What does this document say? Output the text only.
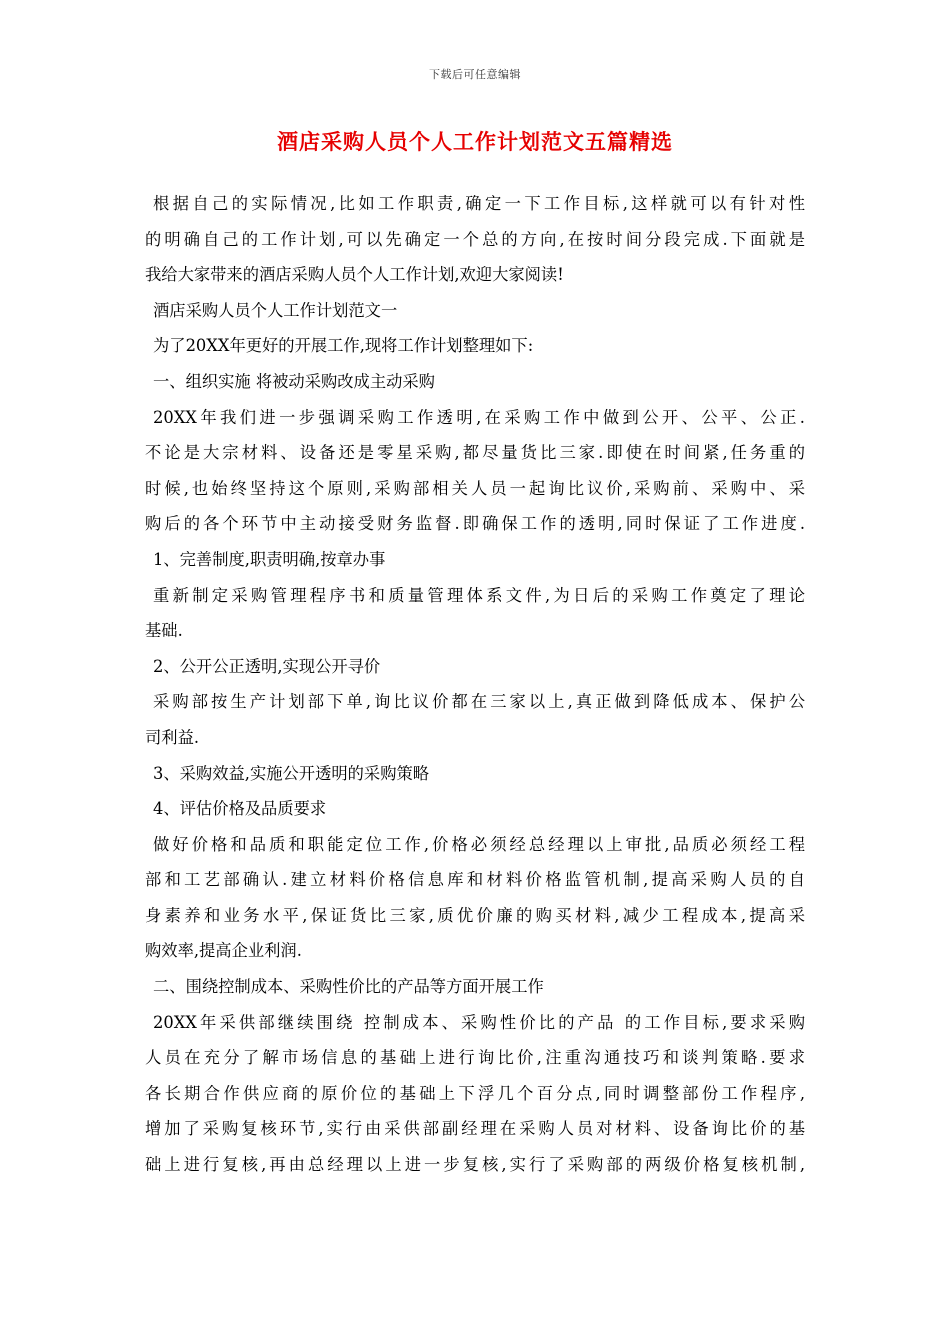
下载后可任意编辑
酒店采购人员个人工作计划范文五篇精选
根据自己的实际情况,比如工作职责,确定一下工作目标,这样就可以有针对性
的明确自己的工作计划,可以先确定一个总的方向,在按时间分段完成.下面就是
我给大家带来的酒店采购人员个人工作计划,欢迎大家阅读!
酒店采购人员个人工作计划范文一
为了20XX年更好的开展工作,现将工作计划整理如下:
一、组织实施 将被动采购改成主动采购
20XX年我们进一步强调采购工作透明,在采购工作中做到公开、公平、公正.
不论是大宗材料、设备还是零星采购,都尽量货比三家.即使在时间紧,任务重的
时候,也始终坚持这个原则,采购部相关人员一起询比议价,采购前、采购中、采
购后的各个环节中主动接受财务监督.即确保工作的透明,同时保证了工作进度.
1、完善制度,职责明确,按章办事
重新制定采购管理程序书和质量管理体系文件,为日后的采购工作奠定了理论
基础.
2、公开公正透明,实现公开寻价
采购部按生产计划部下单,询比议价都在三家以上,真正做到降低成本、保护公
司利益.
3、采购效益,实施公开透明的采购策略
4、评估价格及品质要求
做好价格和品质和职能定位工作,价格必须经总经理以上审批,品质必须经工程
部和工艺部确认.建立材料价格信息库和材料价格监管机制,提高采购人员的自
身素养和业务水平,保证货比三家,质优价廉的购买材料,减少工程成本,提高采
购效率,提高企业利润.
二、围绕控制成本、采购性价比的产品等方面开展工作
20XX年采供部继续围绕 控制成本、采购性价比的产品 的工作目标,要求采购
人员在充分了解市场信息的基础上进行询比价,注重沟通技巧和谈判策略.要求
各长期合作供应商的原价位的基础上下浮几个百分点,同时调整部份工作程序,
增加了采购复核环节,实行由采供部副经理在采购人员对材料、设备询比价的基
础上进行复核,再由总经理以上进一步复核,实行了采购部的两级价格复核机制,
